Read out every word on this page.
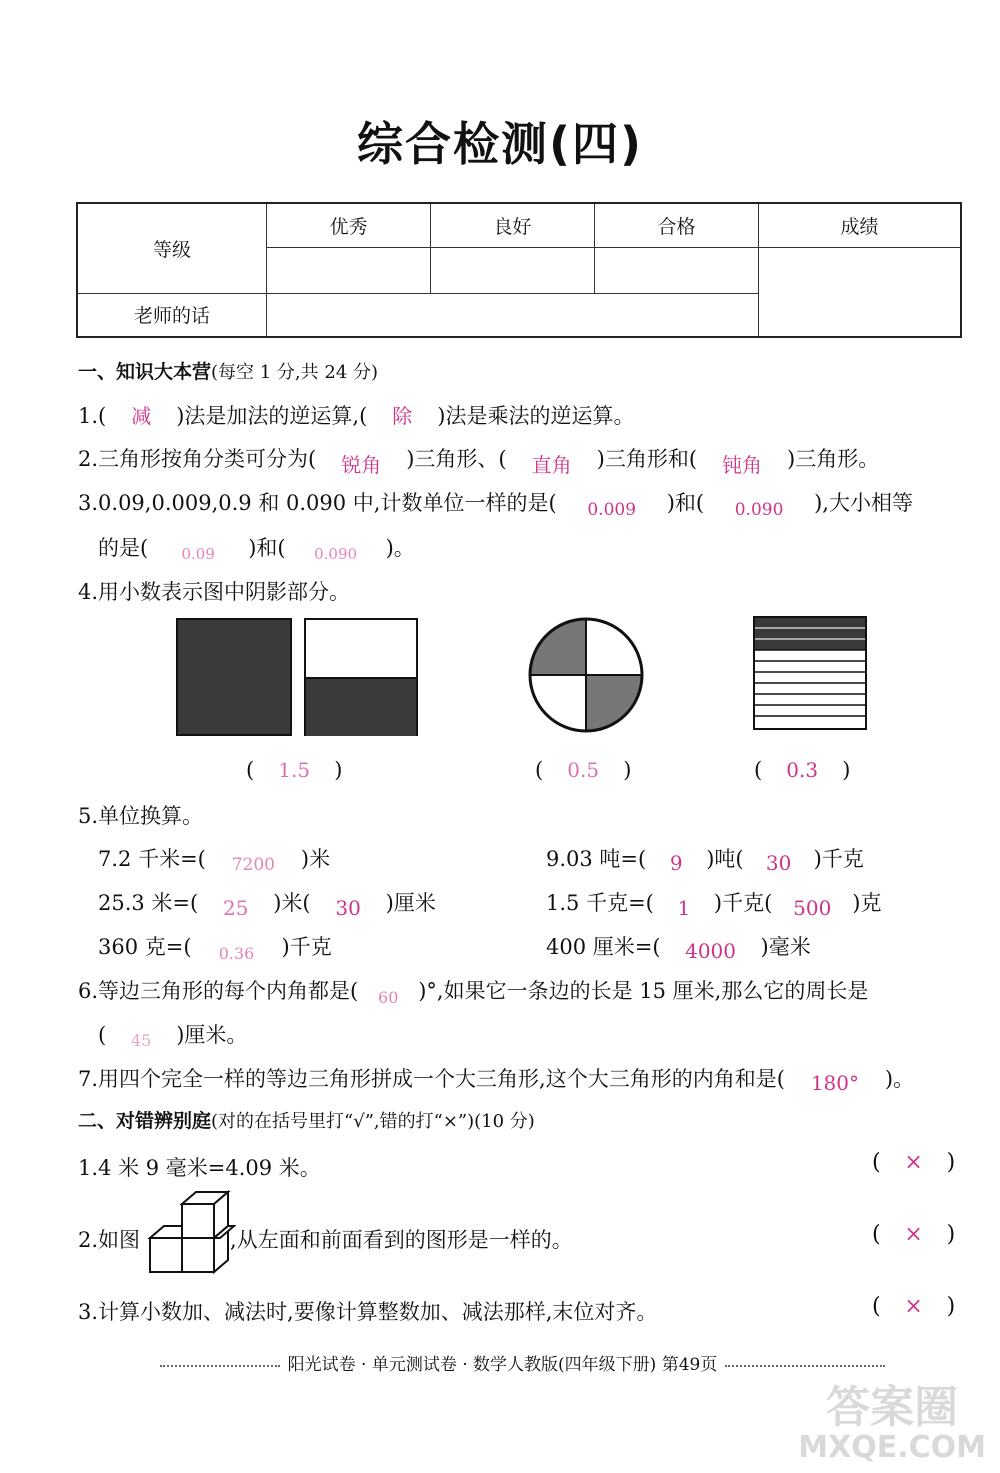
综合检测(四)
等级	优秀	良好	合格	成绩

老师的话				
一、知识大本营(每空 1 分,共 24 分)
1.( 减 )法是加法的逆运算,( 除 )法是乘法的逆运算。
2.三角形按角分类可分为( 锐角 )三角形、( 直角 )三角形和( 钝角 )三角形。
3.0.09,0.009,0.9 和 0.090 中,计数单位一样的是( 0.009 )和( 0.090 ),大小相等
的是( 0.09 )和( 0.090 )。
4.用小数表示图中阴影部分。
( 1.5 )	( 0.5 )	( 0.3 )
5.单位换算。
7.2 千米=( 7200 )米	9.03 吨=( 9 )吨( 30 )千克
25.3 米=( 25 )米( 30 )厘米	1.5 千克=( 1 )千克( 500 )克
360 克=( 0.36 )千克	400 厘米=( 4000 )毫米
6.等边三角形的每个内角都是( 60 )°,如果它一条边的长是 15 厘米,那么它的周长是
( 45 )厘米。
7.用四个完全一样的等边三角形拼成一个大三角形,这个大三角形的内角和是( 180° )。
二、对错辨别庭(对的在括号里打“√”,错的打“×”)(10 分)
1.4 米 9 毫米=4.09 米。	( × )
2.如图	,从左面和前面看到的图形是一样的。	( × )
3.计算小数加、减法时,要像计算整数加、减法那样,末位对齐。	( × )
阳光试卷 · 单元测试卷 · 数学人教版(四年级下册) 第49页
答案圈
MXQE.COM
